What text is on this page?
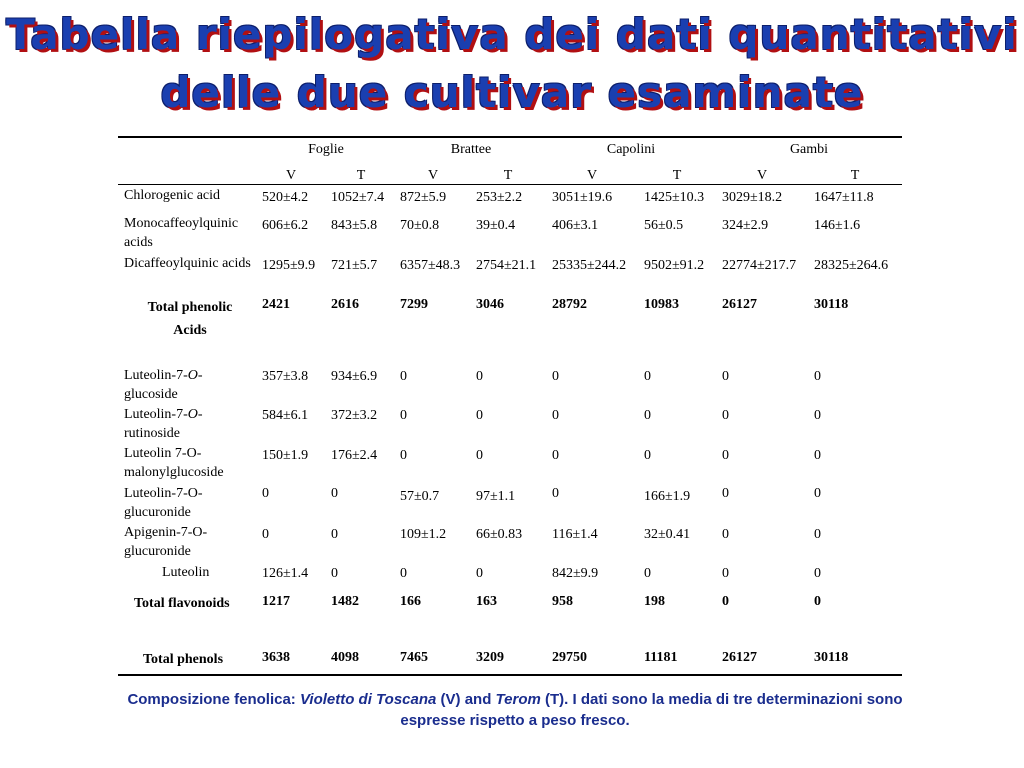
Tabella riepilogativa dei dati quantitativi
delle due cultivar esaminate
Foglie	Brattee	Capolini	Gambi
V	T	V	T	V	T	V	T
Chlorogenic acid	520±4.2 1052±7.4 872±5.9 253±2.2 3051±19.6 1425±10.3 3029±18.2 1647±11.8
Monocaffeoylquinic acids
606±6.2 843±5.8 70±0.8	39±0.4	406±3.1	56±0.5	324±2.9	146±1.6
Dicaffeoylquinic acids 1295±9.9 721±5.7 6357±48.3 2754±21.1 25335±244.2 9502±91.2 22774±217.7 28325±264.6
Total phenolic Acids
2421	2616	7299	3046	28792	10983	26127	30118
Luteolin-7-O-glucoside
357±3.8 934±6.9 0	0	0	0	0	0
Luteolin-7-O-rutinoside
584±6.1 372±3.2 0	0	0	0	0	0
Luteolin 7-O-malonylglucoside
150±1.9 176±2.4 0	0	0	0	0	0
Luteolin-7-O-glucuronide
0	0	57±0.7	97±1.1	0	166±1.9 0	0
Apigenin-7-O-glucuronide
0	0	109±1.2 66±0.83 116±1.4	32±0.41 0	0
Luteolin	126±1.4 0	0	0	842±9.9	0	0	0
Total flavonoids 1217	1482	166	163	958	198	0	0
Total phenols	3638	4098	7465	3209	29750	11181	26127	30118
Composizione fenolica: Violetto di Toscana (V) and Terom (T). I dati sono la media di tre determinazioni sono espresse rispetto a peso fresco.
